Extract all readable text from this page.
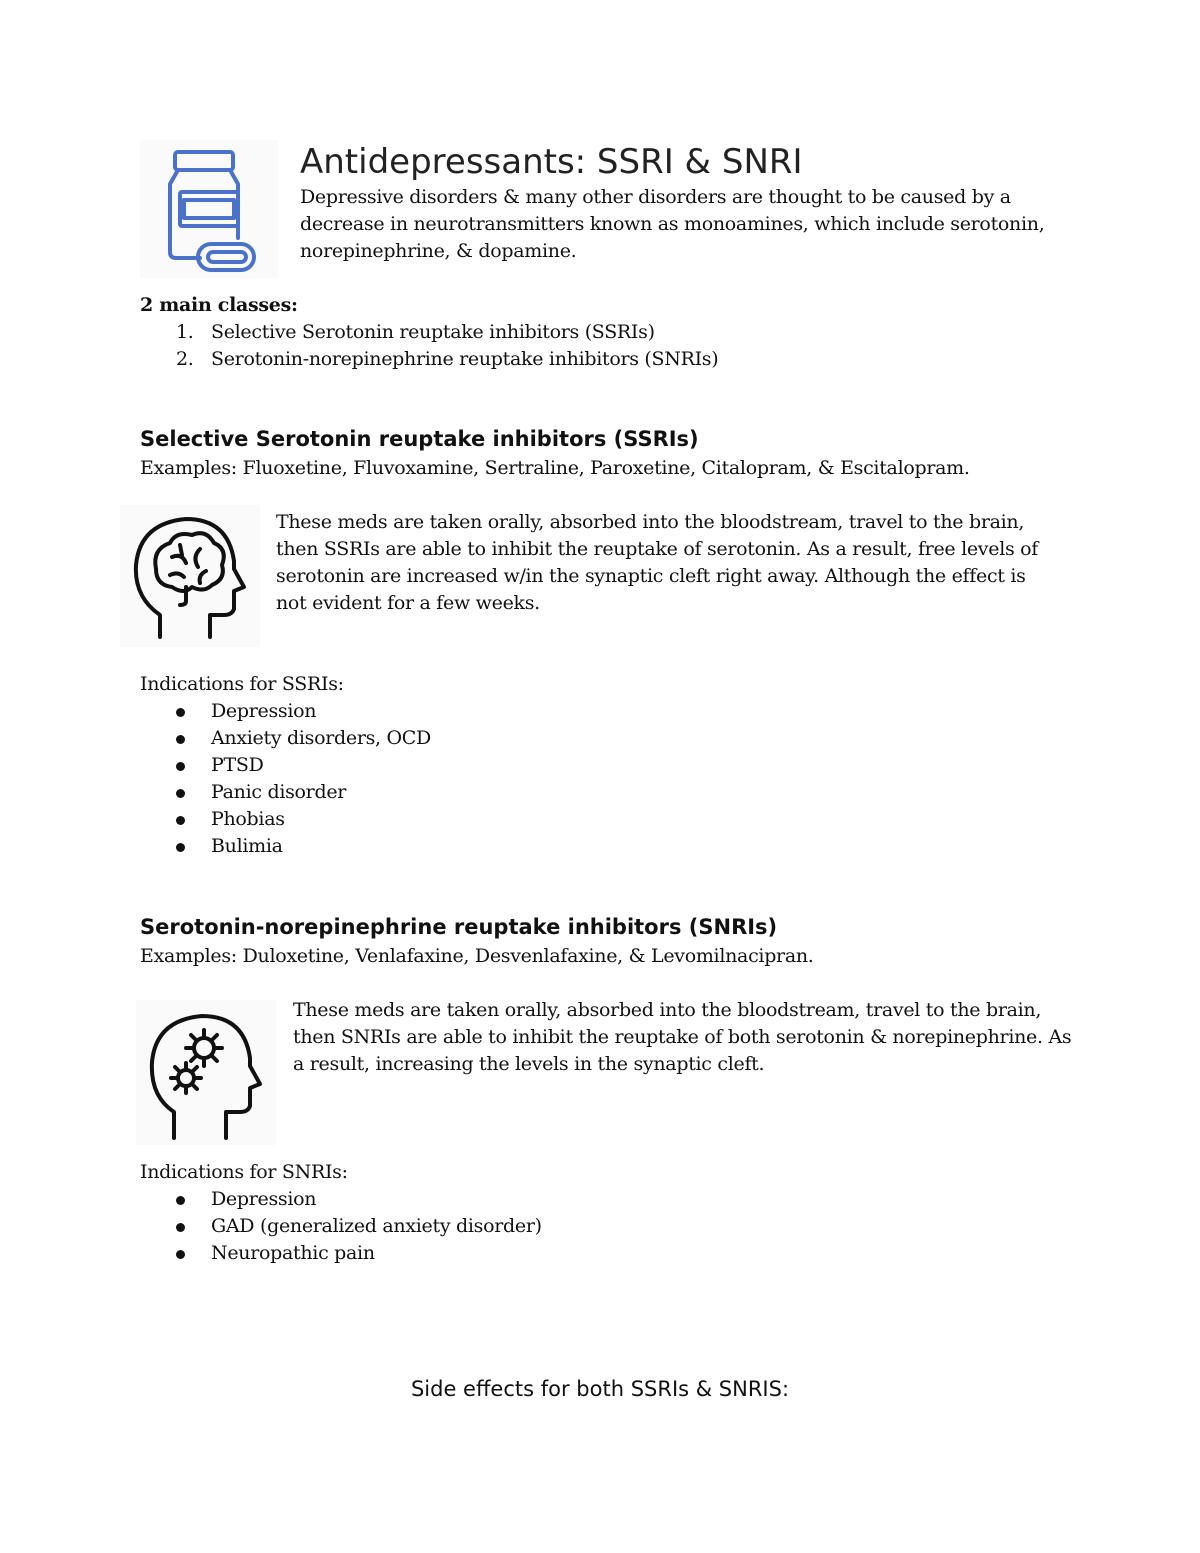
Antidepressants: SSRI & SNRI
Depressive disorders & many other disorders are thought to be caused by a decrease in neurotransmitters known as monoamines, which include serotonin, norepinephrine, & dopamine.
2 main classes:
1. Selective Serotonin reuptake inhibitors (SSRIs)
2. Serotonin-norepinephrine reuptake inhibitors (SNRIs)
Selective Serotonin reuptake inhibitors (SSRIs)
Examples: Fluoxetine, Fluvoxamine, Sertraline, Paroxetine, Citalopram, & Escitalopram.
These meds are taken orally, absorbed into the bloodstream, travel to the brain, then SSRIs are able to inhibit the reuptake of serotonin. As a result, free levels of serotonin are increased w/in the synaptic cleft right away. Although the effect is not evident for a few weeks.
Indications for SSRIs:
Depression
Anxiety disorders, OCD
PTSD
Panic disorder
Phobias
Bulimia
Serotonin-norepinephrine reuptake inhibitors (SNRIs)
Examples: Duloxetine, Venlafaxine, Desvenlafaxine, & Levomilnacipran.
These meds are taken orally, absorbed into the bloodstream, travel to the brain, then SNRIs are able to inhibit the reuptake of both serotonin & norepinephrine. As a result, increasing the levels in the synaptic cleft.
Indications for SNRIs:
Depression
GAD (generalized anxiety disorder)
Neuropathic pain
Side effects for both SSRIs & SNRIS:
